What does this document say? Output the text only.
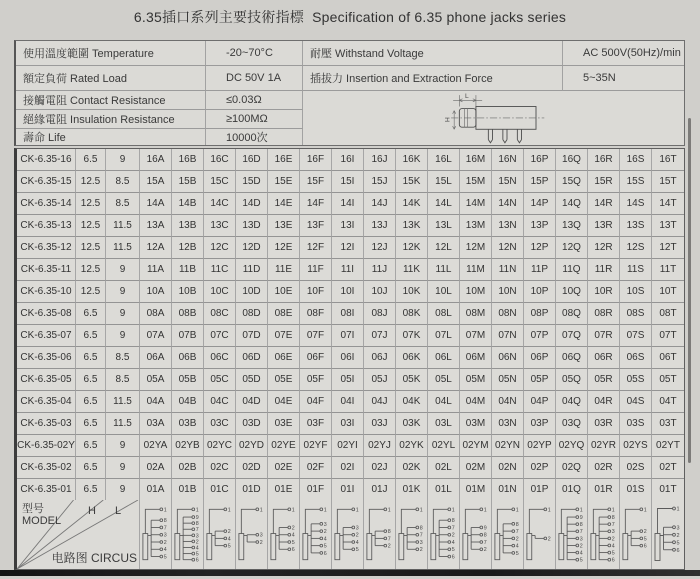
6.35插口系列主要技術指標  Specification of 6.35 phone jacks series
使用溫度範圍 Temperature	-20~70°C	耐壓 Withstand Voltage	AC 500V(50Hz)/min
額定負荷 Rated Load	DC 50V 1A	插拔力 Insertion and Extraction Force	5~35N
接觸電阻 Contact Resistance	≤0.03Ω	L
H
絕緣電阻 Insulation Resistance	≥100MΩ
壽命 Life	10000次
CK-6.35-16	6.5	9	16A	16B	16C	16D	16E	16F	16I	16J	16K	16L	16M	16N	16P	16Q	16R	16S	16T
CK-6.35-15 12.5	8.5	15A	15B	15C	15D	15E	15F	15I	15J	15K	15L	15M	15N	15P	15Q	15R	15S	15T
CK-6.35-14 12.5	8.5	14A	14B	14C	14D	14E	14F	14I	14J	14K	14L	14M	14N	14P	14Q	14R	14S	14T
CK-6.35-13 12.5	11.5	13A	13B	13C	13D	13E	13F	13I	13J	13K	13L	13M	13N	13P	13Q	13R	13S	13T
CK-6.35-12 12.5	11.5	12A	12B	12C	12D	12E	12F	12I	12J	12K	12L	12M	12N	12P	12Q	12R	12S	12T
CK-6.35-11 12.5	9	11A	11B	11C	11D	11E	11F	11I	11J	11K	11L	11M	11N	11P	11Q	11R	11S	11T
CK-6.35-10 12.5	9	10A	10B	10C	10D	10E	10F	10I	10J	10K	10L	10M	10N	10P	10Q	10R	10S	10T
CK-6.35-08	6.5	9	08A	08B	08C	08D	08E	08F	08I	08J	08K	08L	08M	08N	08P	08Q	08R	08S	08T
CK-6.35-07	6.5	9	07A	07B	07C	07D	07E	07F	07I	07J	07K	07L	07M	07N	07P	07Q	07R	07S	07T
CK-6.35-06	6.5	8.5	06A	06B	06C	06D	06E	06F	06I	06J	06K	06L	06M	06N	06P	06Q	06R	06S	06T
CK-6.35-05	6.5	8.5	05A	05B	05C	05D	05E	05F	05I	05J	05K	05L	05M	05N	05P	05Q	05R	05S	05T
CK-6.35-04	6.5	11.5	04A	04B	04C	04D	04E	04F	04I	04J	04K	04L	04M	04N	04P	04Q	04R	04S	04T
CK-6.35-03	6.5	11.5	03A	03B	03C	03D	03E	03F	03I	03J	03K	03L	03M	03N	03P	03Q	03R	03S	03T
CK-6.35-02Y 6.5	9	02YA 02YB 02YC 02YD 02YE 02YF 02YI	02YJ 02YK 02YL 02YM 02YN 02YP 02YQ 02YR 02YS 02YT
CK-6.35-02	6.5	9	02A	02B	02C	02D	02E	02F	02I	02J	02K	02L	02M	02N	02P	02Q	02R	02S	02T
CK-6.35-01	6.5	9	01A	01B	01C	01D	01E	01F	01I	01J	01K	01L	01M	01N	01P	01Q	01R	01S	01T
型号
MODEL
H L
电路图 CIRCUS
1
8
7
3
2
4
5
1
9
8
7
3
2
4
5
6
1
2
4
5
1
3
2
1
2
4
5
6
1
3
2
4
5
6
1
3
2
4
5
1
8
7
2
1
8
7
3
2
1
8
7
2
4
5
6
1
9
8
7
2
1
8
7
2
4
5
1
2
1
9
8
7
3
2
4
5
1
8
7
3
2
4
5
6
1
2
5
6
1
3
2
5
6
